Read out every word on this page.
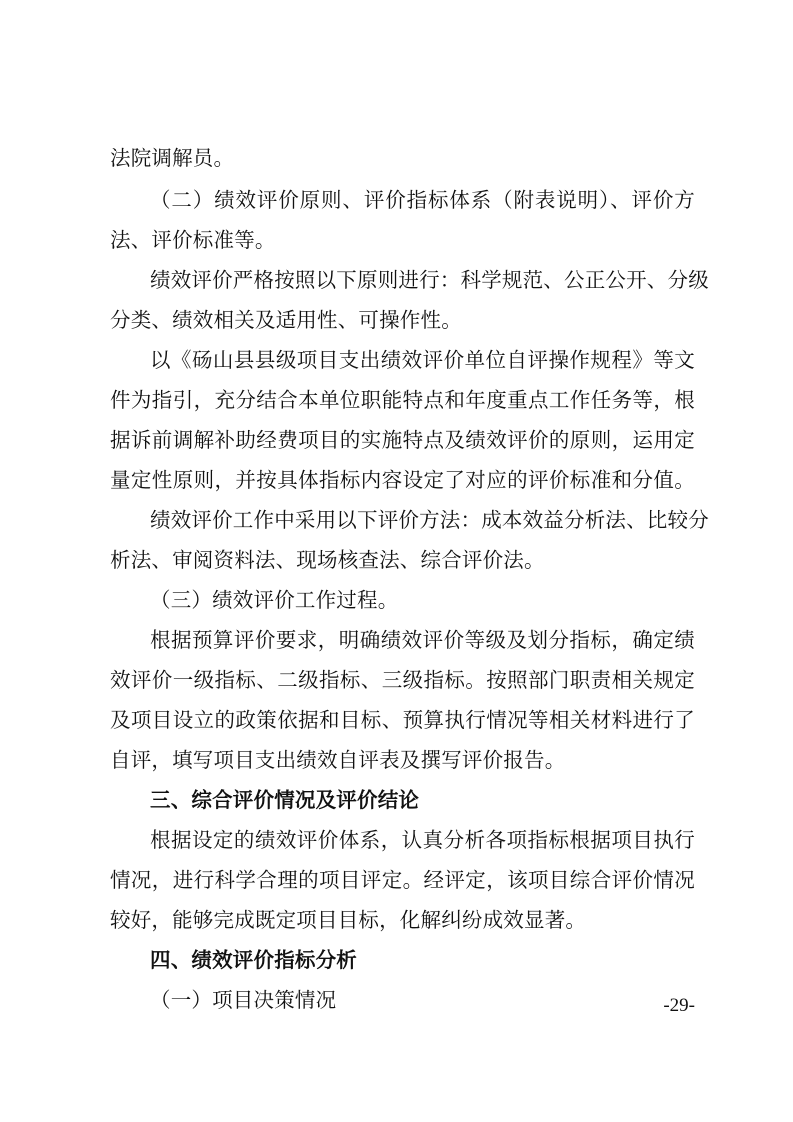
法院调解员。
（二）绩效评价原则、评价指标体系（附表说明）、评价方
法、评价标准等。
绩效评价严格按照以下原则进行：科学规范、公正公开、分级
分类、绩效相关及适用性、可操作性。
以《砀山县县级项目支出绩效评价单位自评操作规程》等文
件为指引，充分结合本单位职能特点和年度重点工作任务等，根
据诉前调解补助经费项目的实施特点及绩效评价的原则，运用定
量定性原则，并按具体指标内容设定了对应的评价标准和分值。
绩效评价工作中采用以下评价方法：成本效益分析法、比较分
析法、审阅资料法、现场核查法、综合评价法。
（三）绩效评价工作过程。
根据预算评价要求，明确绩效评价等级及划分指标，确定绩
效评价一级指标、二级指标、三级指标。按照部门职责相关规定
及项目设立的政策依据和目标、预算执行情况等相关材料进行了
自评，填写项目支出绩效自评表及撰写评价报告。
三、综合评价情况及评价结论
根据设定的绩效评价体系，认真分析各项指标根据项目执行
情况，进行科学合理的项目评定。经评定，该项目综合评价情况
较好，能够完成既定项目目标，化解纠纷成效显著。
四、绩效评价指标分析
（一）项目决策情况	-29-
